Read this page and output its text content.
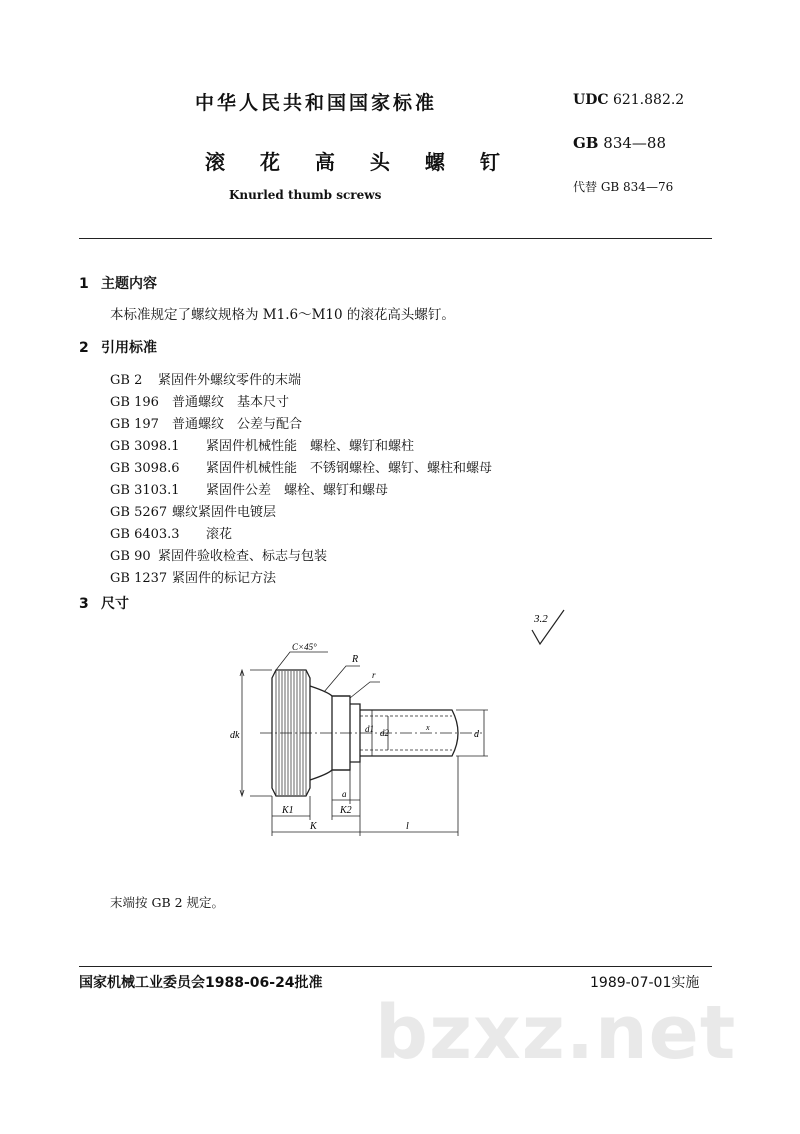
中华人民共和国国家标准
滚 花 高 头 螺 钉
Knurled thumb screws
UDC 621.882.2
GB 834—88
代替 GB 834—76
1 主题内容
本标准规定了螺纹规格为 M1.6～M10 的滚花高头螺钉。
2 引用标准
GB 2 紧固件外螺纹零件的末端
GB 196 普通螺纹　基本尺寸
GB 197 普通螺纹　公差与配合
GB 3098.1 紧固件机械性能　螺栓、螺钉和螺柱
GB 3098.6 紧固件机械性能　不锈钢螺栓、螺钉、螺柱和螺母
GB 3103.1 紧固件公差　螺栓、螺钉和螺母
GB 5267 螺纹紧固件电镀层
GB 6403.3 滚花
GB 90 紧固件验收检查、标志与包装
GB 1237 紧固件的标记方法
3 尺寸
3.2
C×45°
R
r
dk
d1 d2	d
x
a
K1	K2
K	l
末端按 GB 2 规定。
国家机械工业委员会1988-06-24批准	1989-07-01实施
bzxz.net
